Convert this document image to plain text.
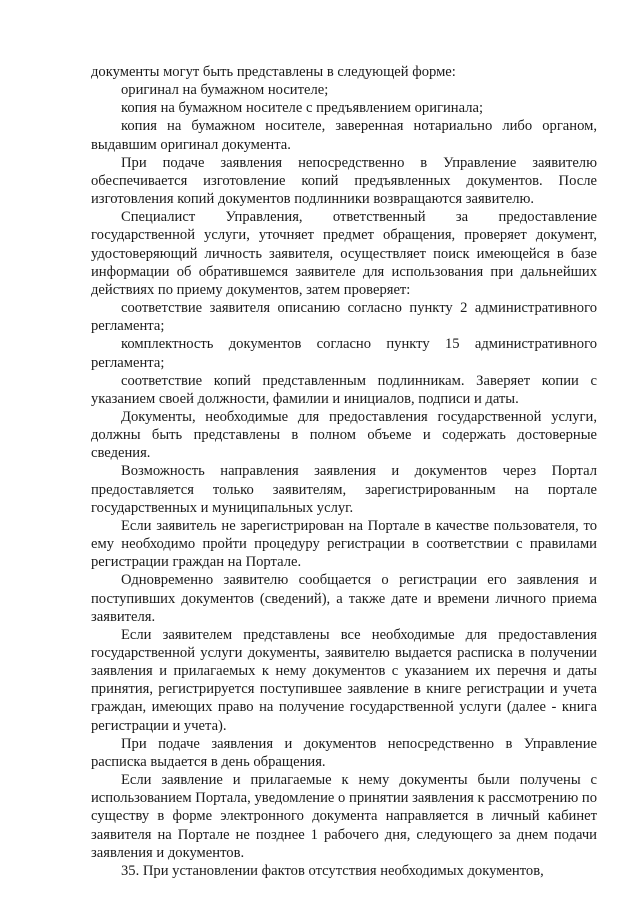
документы могут быть представлены в следующей форме:

оригинал на бумажном носителе;

копия на бумажном носителе с предъявлением оригинала;

копия на бумажном носителе, заверенная нотариально либо органом, выдавшим оригинал документа.

При подаче заявления непосредственно в Управление заявителю обеспечивается изготовление копий предъявленных документов. После изготовления копий документов подлинники возвращаются заявителю.

Специалист Управления, ответственный за предоставление государственной услуги, уточняет предмет обращения, проверяет документ, удостоверяющий личность заявителя, осуществляет поиск имеющейся в базе информации об обратившемся заявителе для использования при дальнейших действиях по приему документов, затем проверяет:

соответствие заявителя описанию согласно пункту 2 административного регламента;

комплектность документов согласно пункту 15 административного регламента;

соответствие копий представленным подлинникам. Заверяет копии с указанием своей должности, фамилии и инициалов, подписи и даты.

Документы, необходимые для предоставления государственной услуги, должны быть представлены в полном объеме и содержать достоверные сведения.

Возможность направления заявления и документов через Портал предоставляется только заявителям, зарегистрированным на портале государственных и муниципальных услуг.

Если заявитель не зарегистрирован на Портале в качестве пользователя, то ему необходимо пройти процедуру регистрации в соответствии с правилами регистрации граждан на Портале.

Одновременно заявителю сообщается о регистрации его заявления и поступивших документов (сведений), а также дате и времени личного приема заявителя.

Если заявителем представлены все необходимые для предоставления государственной услуги документы, заявителю выдается расписка в получении заявления и прилагаемых к нему документов с указанием их перечня и даты принятия, регистрируется поступившее заявление в книге регистрации и учета граждан, имеющих право на получение государственной услуги (далее - книга регистрации и учета).

При подаче заявления и документов непосредственно в Управление расписка выдается в день обращения.

Если заявление и прилагаемые к нему документы были получены с использованием Портала, уведомление о принятии заявления к рассмотрению по существу в форме электронного документа направляется в личный кабинет заявителя на Портале не позднее 1 рабочего дня, следующего за днем подачи заявления и документов.

35. При установлении фактов отсутствия необходимых документов,
